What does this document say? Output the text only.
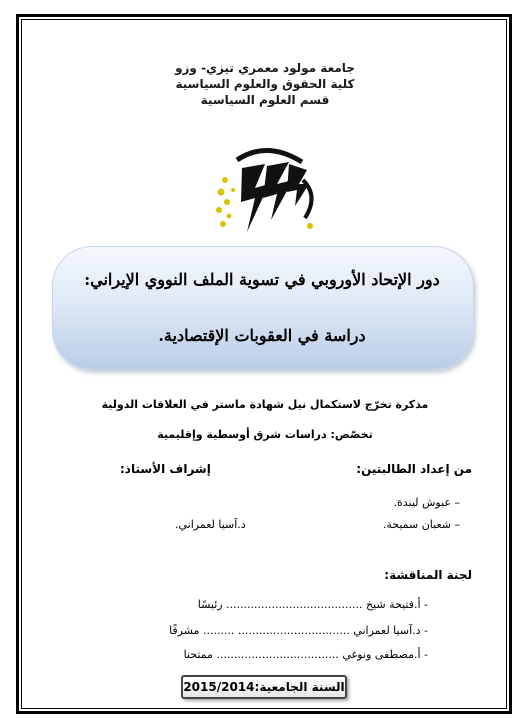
جامعة مولود معمري تيزي- وزو
كلية الحقوق والعلوم السياسية
قسم العلوم السياسية
دور الإتحاد الأوروبي في تسوية الملف النووي الإيراني:
دراسة في العقوبات الإقتصادية.
مذكرة تخرّج لاستكمال نيل شهادة ماستر في العلاقات الدولية
تخصّص: دراسات شرق أوسطية وإقليمية
من إعداد الطالبتين:
إشراف الأستاذ:
– عبوش ليندة.
– شعبان سميحة.
د.آسيا لعمراني.
لجنة المناقشة:
- أ.فتيحة شيخ ....................................... رئيسًا
- د.آسيا لعمراني ................................ ......... مشرفًا
- أ.مصطفى ونوغي ................................... ممتحنا
السنة الجامعية:2015/2014
